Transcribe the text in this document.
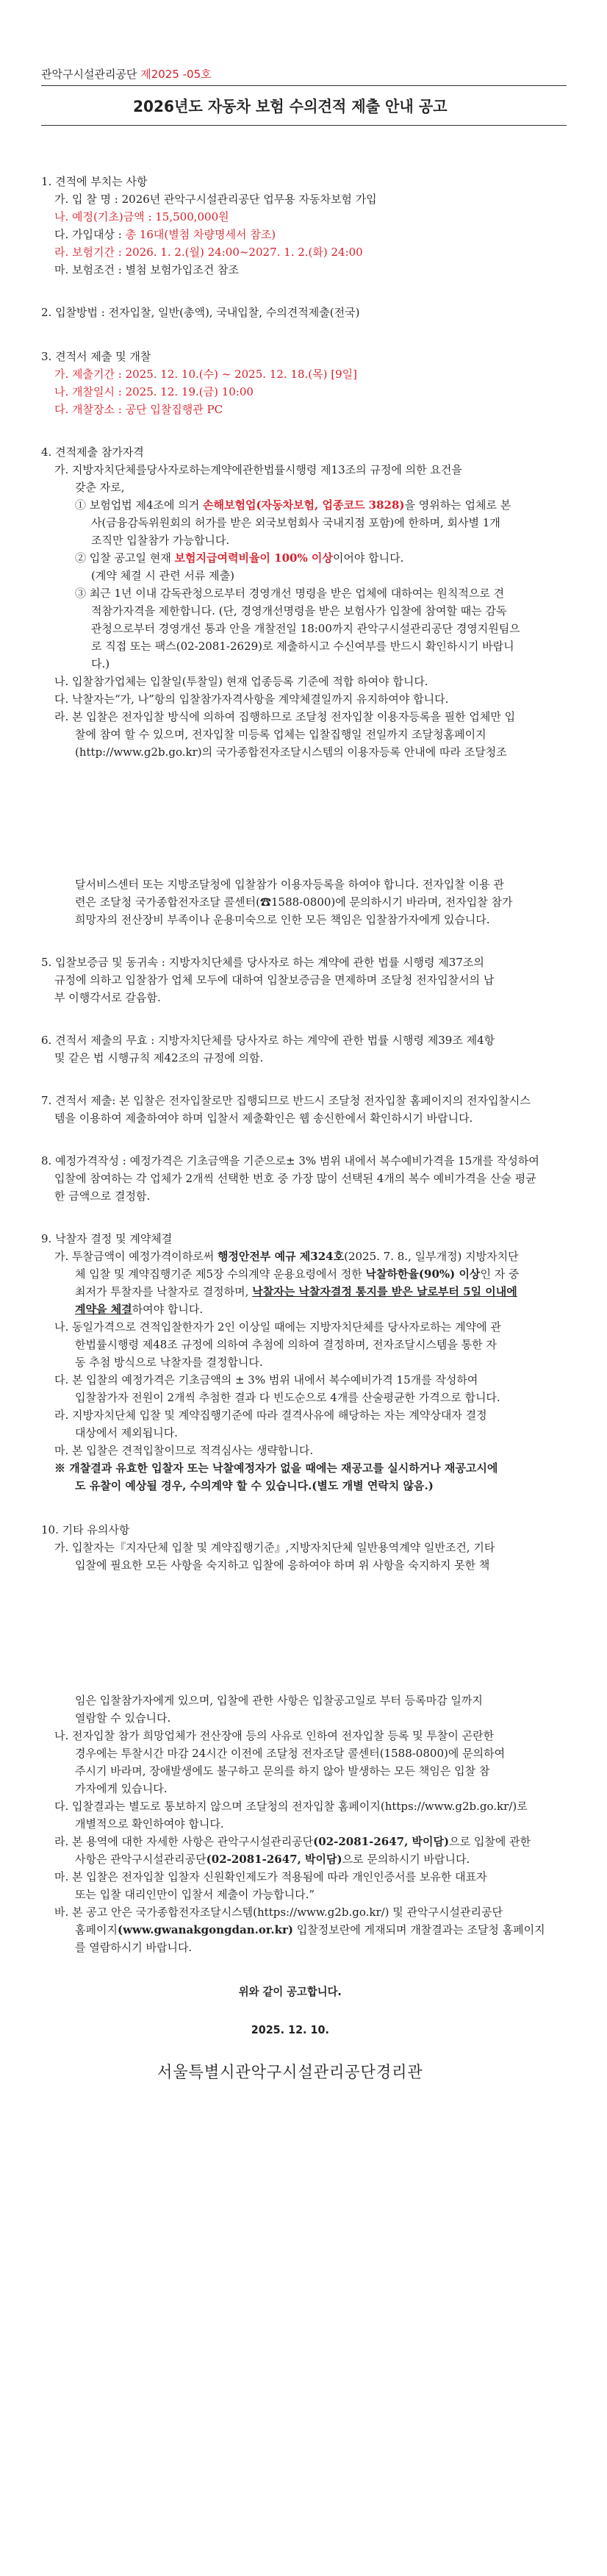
관악구시설관리공단 제2025 -05호
2026년도 자동차 보험 수의견적 제출 안내 공고
1. 견적에 부치는 사항
가. 입 찰 명 : 2026년 관악구시설관리공단 업무용 자동차보험 가입
나. 예정(기초)금액 : 15,500,000원
다. 가입대상 : 총 16대(별첨 차량명세서 참조)
라. 보험기간 : 2026. 1. 2.(월) 24:00~2027. 1. 2.(화) 24:00
마. 보험조건 : 별첨 보험가입조건 참조
2. 입찰방법 : 전자입찰, 일반(총액), 국내입찰, 수의견적제출(전국)
3. 견적서 제출 및 개찰
가. 제출기간 : 2025. 12. 10.(수) ~ 2025. 12. 18.(목) [9일]
나. 개찰일시 : 2025. 12. 19.(금) 10:00
다. 개찰장소 : 공단 입찰집행관 PC
4. 견적제출 참가자격
가. 지방자치단체를당사자로하는계약에관한법률시행령 제13조의 규정에 의한 요건을
갖춘 자로,
① 보험업법 제4조에 의거 손해보험업(자동차보험, 업종코드 3828)을 영위하는 업체로 본
사(금융감독위원회의 허가를 받은 외국보험회사 국내지점 포함)에 한하며, 회사별 1개
조직만 입찰참가 가능합니다.
② 입찰 공고일 현재 보험지급여력비율이 100% 이상이어야 합니다.
(계약 체결 시 관련 서류 제출)
③ 최근 1년 이내 감독관청으로부터 경영개선 명령을 받은 업체에 대하여는 원칙적으로 견
적참가자격을 제한합니다. (단, 경영개선명령을 받은 보험사가 입찰에 참여할 때는 감독
관청으로부터 경영개선 통과 안을 개찰전일 18:00까지 관악구시설관리공단 경영지원팀으
로 직접 또는 팩스(02-2081-2629)로 제출하시고 수신여부를 반드시 확인하시기 바랍니
다.)
나. 입찰참가업체는 입찰일(투찰일) 현재 업종등록 기준에 적합 하여야 합니다.
다. 낙찰자는“가, 나”항의 입찰참가자격사항을 계약체결일까지 유지하여야 합니다.
라. 본 입찰은 전자입찰 방식에 의하여 집행하므로 조달청 전자입찰 이용자등록을 필한 업체만 입
찰에 참여 할 수 있으며, 전자입찰 미등록 업체는 입찰집행일 전일까지 조달청홈페이지
(http://www.g2b.go.kr)의 국가종합전자조달시스템의 이용자등록 안내에 따라 조달청조
달서비스센터 또는 지방조달청에 입찰참가 이용자등록을 하여야 합니다. 전자입찰 이용 관
련은 조달청 국가종합전자조달 콜센터(☎1588-0800)에 문의하시기 바라며, 전자입찰 참가
희망자의 전산장비 부족이나 운용미숙으로 인한 모든 책임은 입찰참가자에게 있습니다.
5. 입찰보증금 및 동귀속 : 지방자치단체를 당사자로 하는 계약에 관한 법률 시행령 제37조의
규정에 의하고 입찰참가 업체 모두에 대하여 입찰보증금을 면제하며 조달청 전자입찰서의 납
부 이행각서로 갈음함.
6. 견적서 제출의 무효 : 지방자치단체를 당사자로 하는 계약에 관한 법률 시행령 제39조 제4항
및 같은 법 시행규칙 제42조의 규정에 의함.
7. 견적서 제출: 본 입찰은 전자입찰로만 집행되므로 반드시 조달청 전자입찰 홈페이지의 전자입찰시스
템을 이용하여 제출하여야 하며 입찰서 제출확인은 웹 송신한에서 확인하시기 바랍니다.
8. 예정가격작성 : 예정가격은 기초금액을 기준으로± 3% 범위 내에서 복수예비가격을 15개를 작성하여
입찰에 참여하는 각 업체가 2개씩 선택한 번호 중 가장 많이 선택된 4개의 복수 예비가격을 산술 평균
한 금액으로 결정함.
9. 낙찰자 결정 및 계약체결
가. 투찰금액이 예정가격이하로써 행정안전부 예규 제324호(2025. 7. 8., 일부개정) 지방자치단
체 입찰 및 계약집행기준 제5장 수의계약 운용요령에서 정한 낙찰하한율(90%) 이상인 자 중
최저가 투찰자를 낙찰자로 결정하며, 낙찰자는 낙찰자결정 통지를 받은 날로부터 5일 이내에
계약을 체결하여야 합니다.
나. 동일가격으로 견적입찰한자가 2인 이상일 때에는 지방자치단체를 당사자로하는 계약에 관
한법률시행령 제48조 규정에 의하여 추첨에 의하여 결정하며, 전자조달시스템을 통한 자
동 추첨 방식으로 낙찰자를 결정합니다.
다. 본 입찰의 예정가격은 기초금액의 ± 3% 범위 내에서 복수예비가격 15개를 작성하여
입찰참가자 전원이 2개씩 추첨한 결과 다 빈도순으로 4개를 산술평균한 가격으로 합니다.
라. 지방자치단체 입찰 및 계약집행기준에 따라 결격사유에 해당하는 자는 계약상대자 결정
대상에서 제외됩니다.
마. 본 입찰은 견적입찰이므로 적격심사는 생략합니다.
※ 개찰결과 유효한 입찰자 또는 낙찰예정자가 없을 때에는 재공고를 실시하거나 재공고시에
도 유찰이 예상될 경우, 수의계약 할 수 있습니다.(별도 개별 연락치 않음.)
10. 기타 유의사항
가. 입찰자는『지자단체 입찰 및 계약집행기준』,지방자치단체 일반용역계약 일반조건, 기타
입찰에 필요한 모든 사항을 숙지하고 입찰에 응하여야 하며 위 사항을 숙지하지 못한 책
임은 입찰참가자에게 있으며, 입찰에 관한 사항은 입찰공고일로 부터 등록마감 일까지
열람할 수 있습니다.
나. 전자입찰 참가 희망업체가 전산장애 등의 사유로 인하여 전자입찰 등록 및 투찰이 곤란한
경우에는 투찰시간 마감 24시간 이전에 조달청 전자조달 콜센터(1588-0800)에 문의하여
주시기 바라며, 장애발생에도 불구하고 문의를 하지 않아 발생하는 모든 책임은 입찰 참
가자에게 있습니다.
다. 입찰결과는 별도로 통보하지 않으며 조달청의 전자입찰 홈페이지(https://www.g2b.go.kr/)로
개별적으로 확인하여야 합니다.
라. 본 용역에 대한 자세한 사항은 관악구시설관리공단(02-2081-2647, 박이담)으로 입찰에 관한
사항은 관악구시설관리공단(02-2081-2647, 박이담)으로 문의하시기 바랍니다.
마. 본 입찰은 전자입찰 입찰자 신원확인제도가 적용됨에 따라 개인인증서를 보유한 대표자
또는 입찰 대리인만이 입찰서 제출이 가능합니다.”
바. 본 공고 안은 국가종합전자조달시스템(https://www.g2b.go.kr/) 및 관악구시설관리공단
홈페이지(www.gwanakgongdan.or.kr) 입찰정보란에 게재되며 개찰결과는 조달청 홈페이지
를 열람하시기 바랍니다.
위와 같이 공고합니다.
2025. 12. 10.
서울특별시관악구시설관리공단경리관
